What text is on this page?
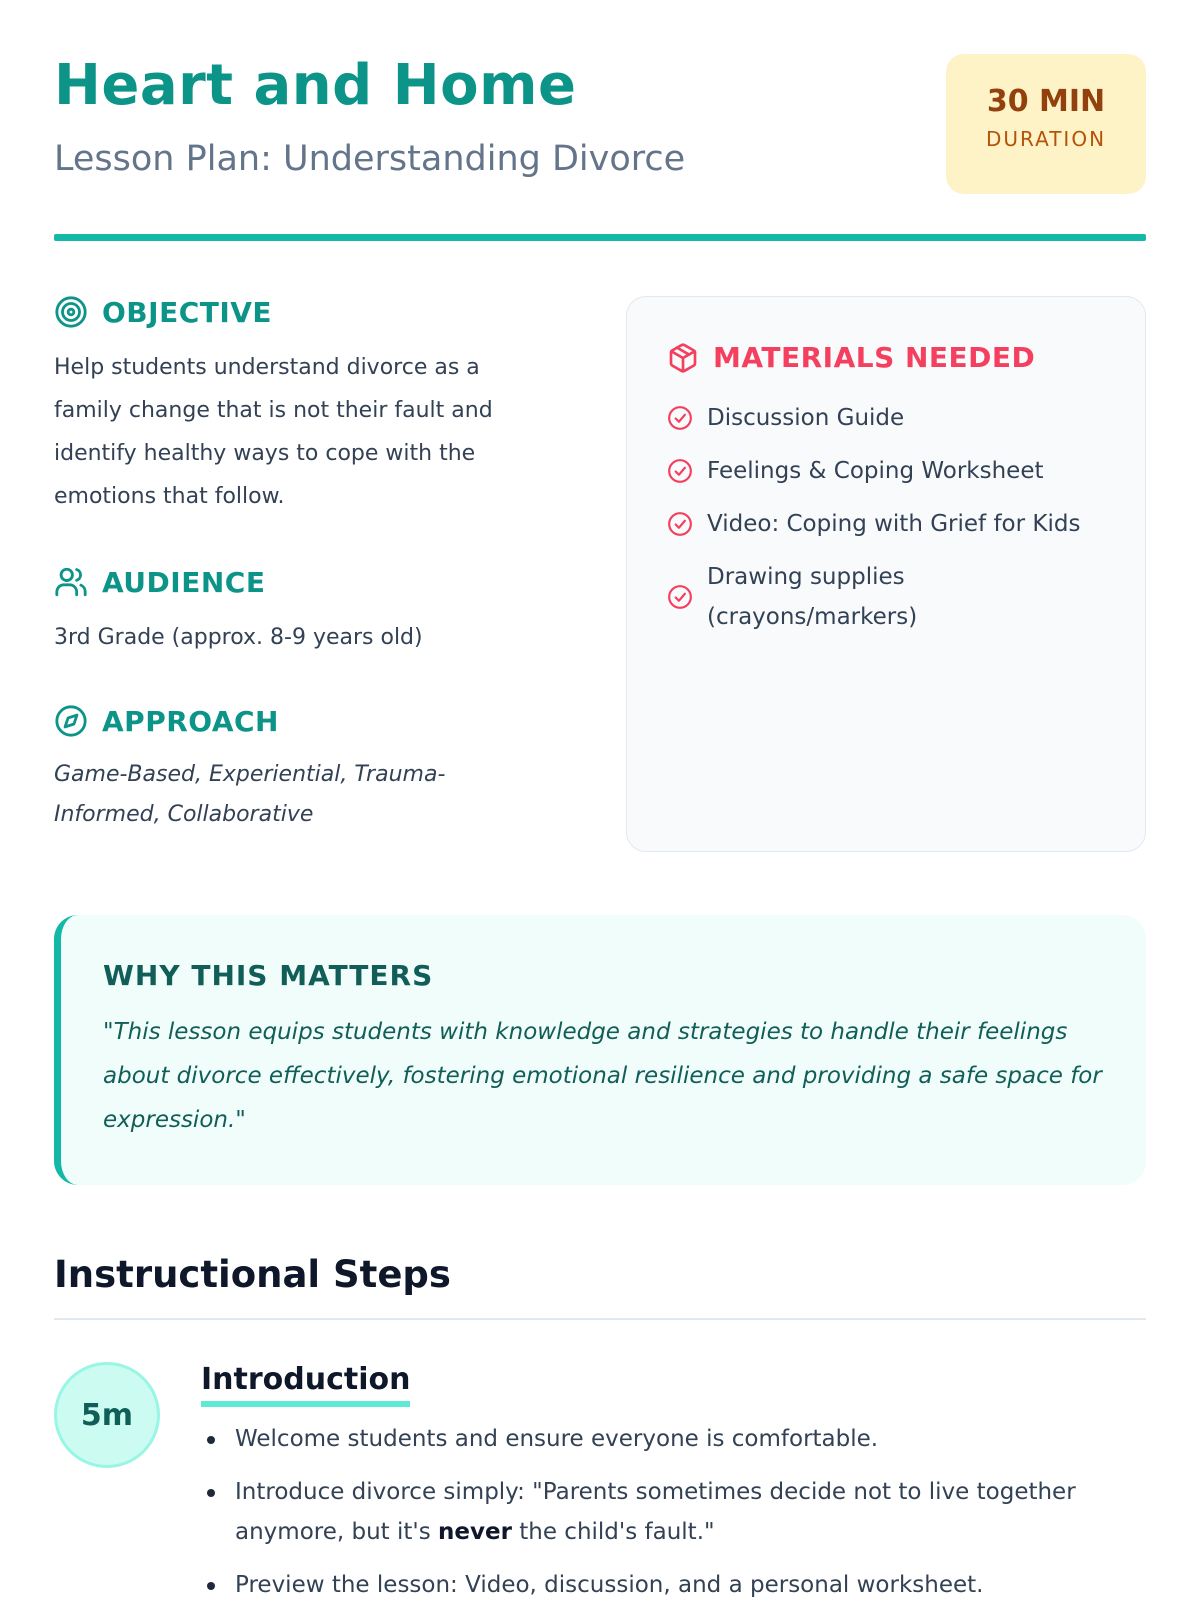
Heart and Home
Lesson Plan: Understanding Divorce
30 MIN
DURATION
OBJECTIVE

Help students understand divorce as a family change that is not their fault and identify healthy ways to cope with the emotions that follow.

AUDIENCE

3rd Grade (approx. 8-9 years old)

APPROACH

Game-Based, Experiential, Trauma-Informed, Collaborative

MATERIALS NEEDED
Discussion Guide
Feelings & Coping Worksheet
Video: Coping with Grief for Kids
Drawing supplies (crayons/markers)
WHY THIS MATTERS

"This lesson equips students with knowledge and strategies to handle their feelings about divorce effectively, fostering emotional resilience and providing a safe space for expression."

Instructional Steps
5m
Introduction
Welcome students and ensure everyone is comfortable.
Introduce divorce simply: "Parents sometimes decide not to live together anymore, but it's never the child's fault."
Preview the lesson: Video, discussion, and a personal worksheet.
